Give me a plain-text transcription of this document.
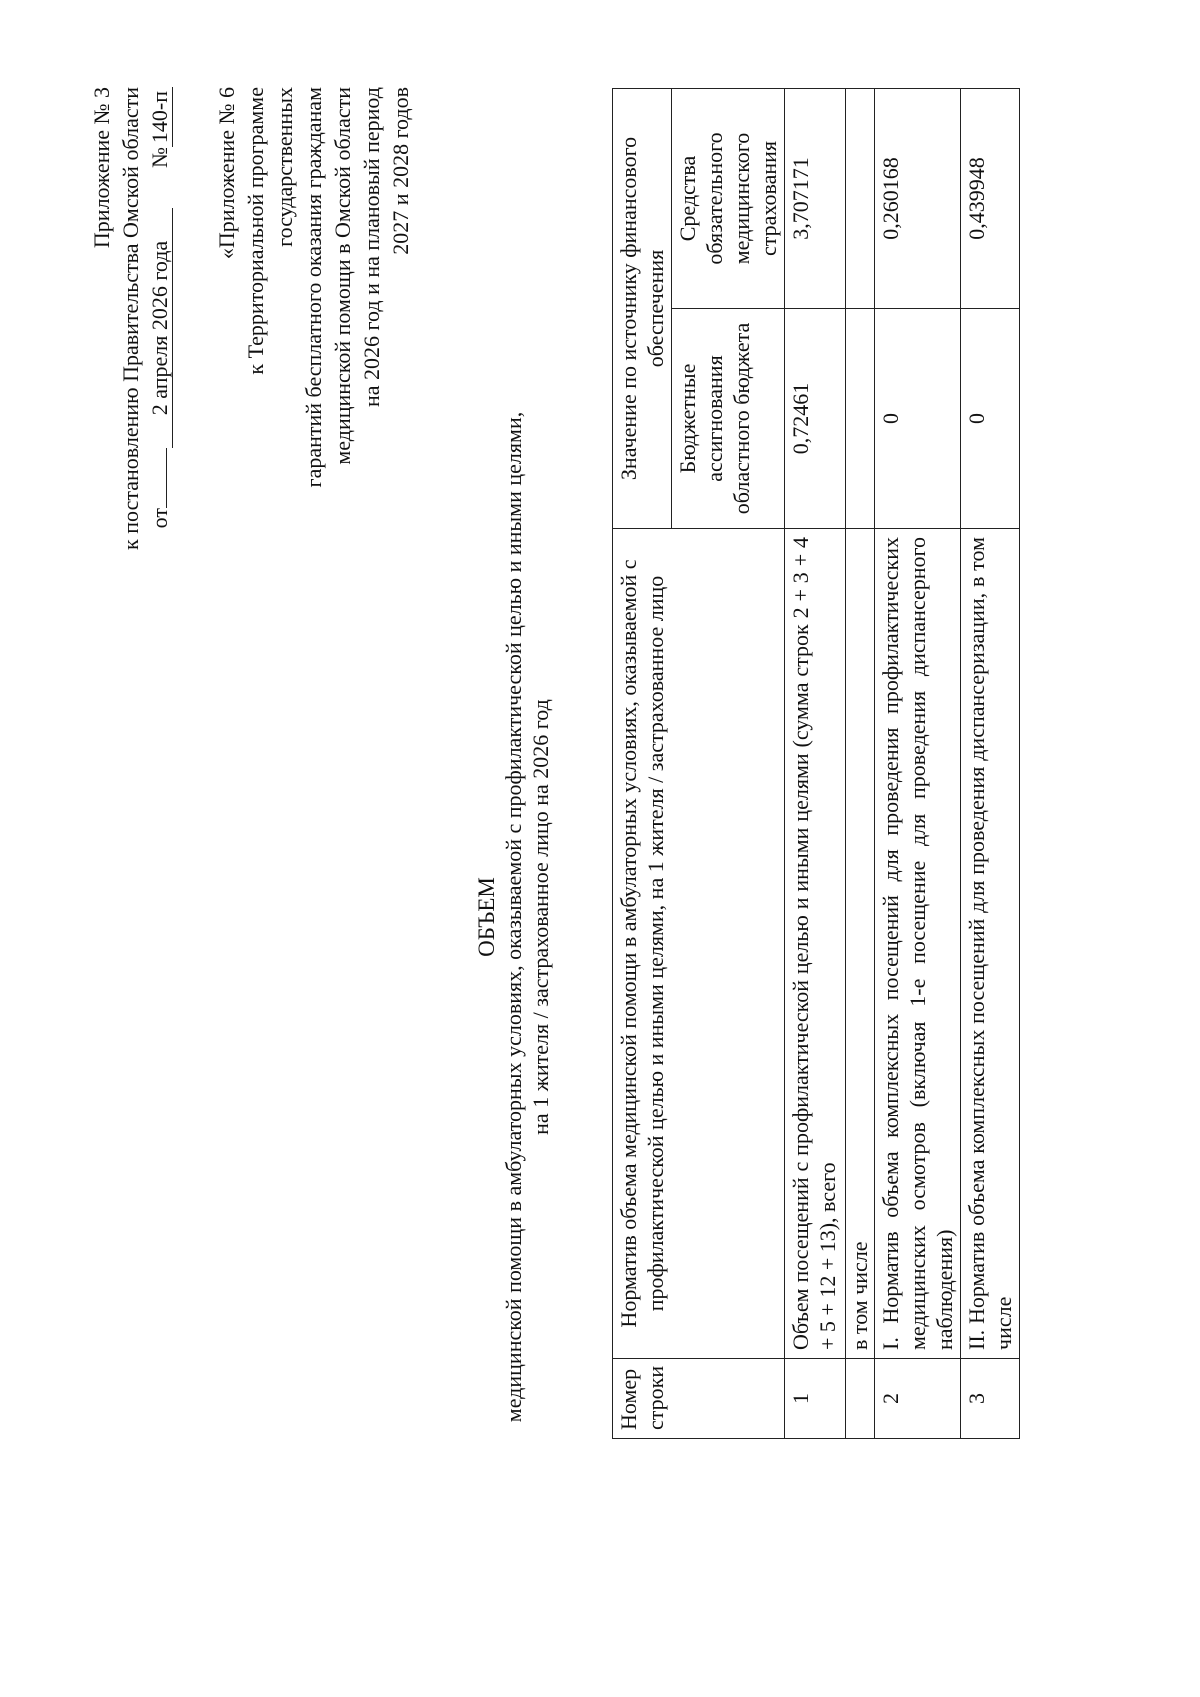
Приложение № 3 к постановлению Правительства Омской области от
2 апреля 2026 года
№
140-п «Приложение № 6 к Территориальной программе государственных гарантий бесплатного оказания гражданам медицинской помощи в Омской области на 2026 год и на плановый период 2027 и 2028 годов
ОБЪЕМ медицинской помощи в амбулаторных условиях, оказываемой с профилактической целью и иными целями, на 1 жителя / застрахованное лицо на 2026 год
Номер строки	Норматив объема медицинской помощи в амбулаторных условиях, оказываемой с профилактической целью и иными целями, на 1 жителя / застрахованное лицо	Значение по источнику финансового обеспечения	
		Бюджетные ассигнования областного бюджета	Средства обязательного медицинского страхования
1	Объем посещений с профилактической целью и иными целями (сумма строк 2 + 3 + 4 + 5 + 12 + 13), всего	0,72461	3,707171
	в том числе		
2	I. Норматив объема комплексных посещений для проведения профилактических медицинских осмотров (включая 1-е посещение для проведения диспансерного наблюдения)	0	0,260168
3	II. Норматив объема комплексных посещений для проведения диспансеризации, в том числе	0	0,439948
